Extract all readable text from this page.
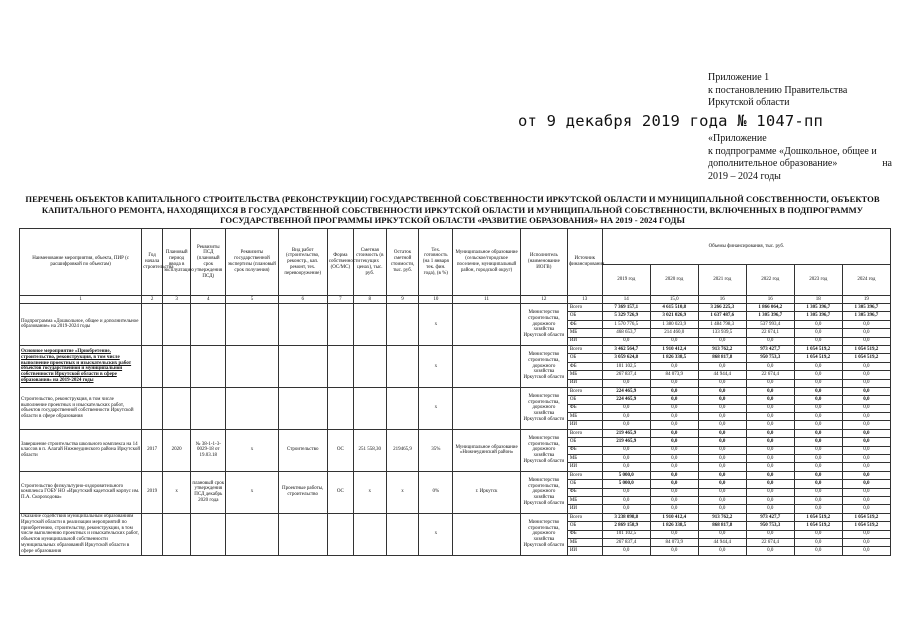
Приложение 1
к постановлению Правительства
Иркутской области
от 9 декабря 2019 года № 1047-пп
«Приложение
к подпрограмме «Дошкольное, общее и
дополнительное образование»
2019 – 2024 годы
на
ПЕРЕЧЕНЬ ОБЪЕКТОВ КАПИТАЛЬНОГО СТРОИТЕЛЬСТВА (РЕКОНСТРУКЦИИ) ГОСУДАРСТВЕННОЙ СОБСТВЕННОСТИ ИРКУТСКОЙ ОБЛАСТИ И МУНИЦИПАЛЬНОЙ СОБСТВЕННОСТИ, ОБЪЕКТОВ
КАПИТАЛЬНОГО РЕМОНТА, НАХОДЯЩИХСЯ В ГОСУДАРСТВЕННОЙ СОБСТВЕННОСТИ ИРКУТСКОЙ ОБЛАСТИ И МУНИЦИПАЛЬНОЙ СОБСТВЕННОСТИ, ВКЛЮЧЕННЫХ В ПОДПРОГРАММУ
ГОСУДАРСТВЕННОЙ ПРОГРАММЫ ИРКУТСКОЙ ОБЛАСТИ «РАЗВИТИЕ ОБРАЗОВАНИЯ» НА 2019 - 2024 ГОДЫ
Наименование мероприятия, объекта, ПИР (с расшифровкой по объектам)	Год начала строительства	Плановый период ввода в эксплуатацию	Реквизиты ПСД (плановый срок утверждения ПСД)	Реквизиты государственной экспертизы (плановый срок получения)	Вид работ (строительство, реконстр., кап. ремонт, тех. перевооружение)	Форма собственности (ОС/МС)	Сметная стоимость (в текущих ценах), тыс. руб.	Остаток сметной стоимости, тыс. руб.	Тех. готовность (на 1 января тек. фин. года), (в %)	Муниципальное образование (сельское/городское поселение, муниципальный район, городской округ)	Исполнитель (наименование ИОГВ)	Источник финансирования	Объемы финансирования, тыс. руб.					
													2019 год	2020 год	2021 год	2022 год	2023 год	2024 год
1	2	3	4	5	6	7	8	9	10	11	12	13	14	15,0	16	16	18	19
Подпрограмма «Дошкольное, общее и дополнительное образование» на 2019-2024 годы									x		Министерство строительства, дорожного хозяйства Иркутской области	Всего	7 369 157,1	4 615 510,8	3 266 225,3	1 866 064,2	1 305 396,7	1 305 396,7
												ОБ	5 329 726,9	3 021 026,9	1 637 487,6	1 305 396,7	1 305 396,7	1 305 396,7
												ФБ	1 570 776,5	1 380 023,9	1 484 798,3	537 993,4	0,0	0,0
												МБ	468 653,7	214 460,0	133 939,5	22 674,1	0,0	0,0
												ИИ	0,0	0,0	0,0	0,0	0,0	0,0
Основное мероприятие «Приобретение, строительство, реконструкция, в том числе выполнение проектных и изыскательских работ объектов государственной и муниципальной собственности Иркутской области в сфере образования» на 2019-2024 годы									x		Министерство строительства, дорожного хозяйства Иркутской области	Всего	3 462 564,7	1 910 412,4	913 762,2	973 427,7	1 054 519,2	1 054 519,2
												ОБ	3 059 624,8	1 826 338,5	868 817,8	950 753,3	1 054 519,2	1 054 519,2
												ФБ	101 102,5	0,0	0,0	0,0	0,0	0,0
												МБ	267 837,4	84 073,9	44 944,4	22 674,4	0,0	0,0
												ИИ	0,0	0,0	0,0	0,0	0,0	0,0
Строительство, реконструкция, в том числе выполнение проектных и изыскательских работ, объектов государственной собственности Иркутской области в сфере образования									x		Министерство строительства, дорожного хозяйства Иркутской области	Всего	224 465,9	0,0	0,0	0,0	0,0	0,0
												ОБ	224 465,9	0,0	0,0	0,0	0,0	0,0
												ФБ	0,0	0,0	0,0	0,0	0,0	0,0
												МБ	0,0	0,0	0,0	0,0	0,0	0,0
												ИИ	0,0	0,0	0,0	0,0	0,0	0,0
Завершение строительства школьного комплекса на 14 классов в п. Алагай Нижнеудинского района Иркутской области	2017	2020	№ 38-1-1-3-0029-18 от 19.03.18	x	Строительство	ОС	251 558,30	219465,9	35%	Муниципальное образование «Нижнеудинский район»	Министерство строительства, дорожного хозяйства Иркутской области	Всего	219 465,9	0,0	0,0	0,0	0,0	0,0
												ОБ	219 465,9	0,0	0,0	0,0	0,0	0,0
												ФБ	0,0	0,0	0,0	0,0	0,0	0,0
												МБ	0,0	0,0	0,0	0,0	0,0	0,0
												ИИ	0,0	0,0	0,0	0,0	0,0	0,0
Строительство физкультурно-оздоровительного комплекса ГОБУ НО «Иркутский кадетский корпус им. П.А. Скороходова»	2019	x	плановый срок утверждения ПСД декабрь 2020 года	x	Проектные работы, строительство	ОС	x	x	0%	г. Иркутск	Министерство строительства, дорожного хозяйства Иркутской области	Всего	5 000,0	0,0	0,0	0,0	0,0	0,0
												ОБ	5 000,0	0,0	0,0	0,0	0,0	0,0
												ФБ	0,0	0,0	0,0	0,0	0,0	0,0
												МБ	0,0	0,0	0,0	0,0	0,0	0,0
												ИИ	0,0	0,0	0,0	0,0	0,0	0,0
Оказание содействия муниципальным образованиям Иркутской области в реализации мероприятий по приобретению, строительству, реконструкции, в том числе выполнению проектных и изыскательских работ, объектов муниципальной собственности муниципальных образований Иркутской области в сфере образования									x		Министерство строительства, дорожного хозяйства Иркутской области	Всего	3 238 098,8	1 910 412,4	913 762,2	973 427,7	1 054 519,2	1 054 519,2
												ОБ	2 869 158,9	1 826 338,5	868 817,8	950 753,3	1 054 519,2	1 054 519,2
												ФБ	101 102,5	0,0	0,0	0,0	0,0	0,0
												МБ	267 837,4	84 073,9	44 944,4	22 674,4	0,0	0,0
												ИИ	0,0	0,0	0,0	0,0	0,0	0,0
